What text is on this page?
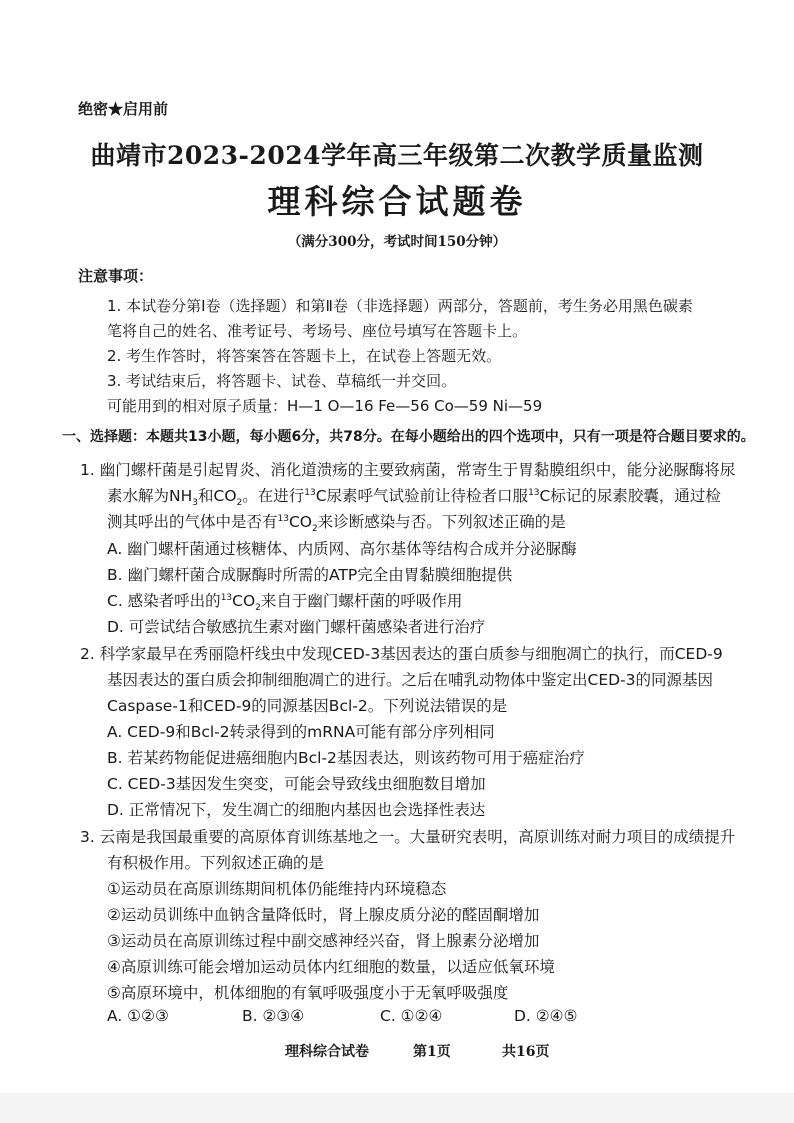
绝密★启用前
曲靖市2023-2024学年高三年级第二次教学质量监测
理科综合试题卷
（满分300分，考试时间150分钟）
注意事项：
1. 本试卷分第Ⅰ卷（选择题）和第Ⅱ卷（非选择题）两部分，答题前，考生务必用黑色碳素
笔将自己的姓名、准考证号、考场号、座位号填写在答题卡上。
2. 考生作答时，将答案答在答题卡上，在试卷上答题无效。
3. 考试结束后，将答题卡、试卷、草稿纸一并交回。
可能用到的相对原子质量：H—1 O—16 Fe—56 Co—59 Ni—59
一、选择题：本题共13小题，每小题6分，共78分。在每小题给出的四个选项中，只有一项是符合题目要求的。
1. 幽门螺杆菌是引起胃炎、消化道溃疡的主要致病菌，常寄生于胃黏膜组织中，能分泌脲酶将尿
素水解为$NH_3$和$CO_2$。在进行$^{13}$C尿素呼气试验前让待检者口服$^{13}$C标记的尿素胶囊，通过检
测其呼出的气体中是否有$^{13}CO_2$来诊断感染与否。下列叙述正确的是
A. 幽门螺杆菌通过核糖体、内质网、高尔基体等结构合成并分泌脲酶
B. 幽门螺杆菌合成脲酶时所需的ATP完全由胃黏膜细胞提供
C. 感染者呼出的$^{13}CO_2$来自于幽门螺杆菌的呼吸作用
D. 可尝试结合敏感抗生素对幽门螺杆菌感染者进行治疗
2. 科学家最早在秀丽隐杆线虫中发现CED-3基因表达的蛋白质参与细胞凋亡的执行，而CED-9
基因表达的蛋白质会抑制细胞凋亡的进行。之后在哺乳动物体中鉴定出CED-3的同源基因
Caspase-1和CED-9的同源基因Bcl-2。下列说法错误的是
A. CED-9和Bcl-2转录得到的mRNA可能有部分序列相同
B. 若某药物能促进癌细胞内Bcl-2基因表达，则该药物可用于癌症治疗
C. CED-3基因发生突变，可能会导致线虫细胞数目增加
D. 正常情况下，发生凋亡的细胞内基因也会选择性表达
3. 云南是我国最重要的高原体育训练基地之一。大量研究表明，高原训练对耐力项目的成绩提升
有积极作用。下列叙述正确的是
①运动员在高原训练期间机体仍能维持内环境稳态
②运动员训练中血钠含量降低时，肾上腺皮质分泌的醛固酮增加
③运动员在高原训练过程中副交感神经兴奋，肾上腺素分泌增加
④高原训练可能会增加运动员体内红细胞的数量，以适应低氧环境
⑤高原环境中，机体细胞的有氧呼吸强度小于无氧呼吸强度
A. ①②③	B. ②③④	C. ①②④	D. ②④⑤
理科综合试卷	第1页	共16页
